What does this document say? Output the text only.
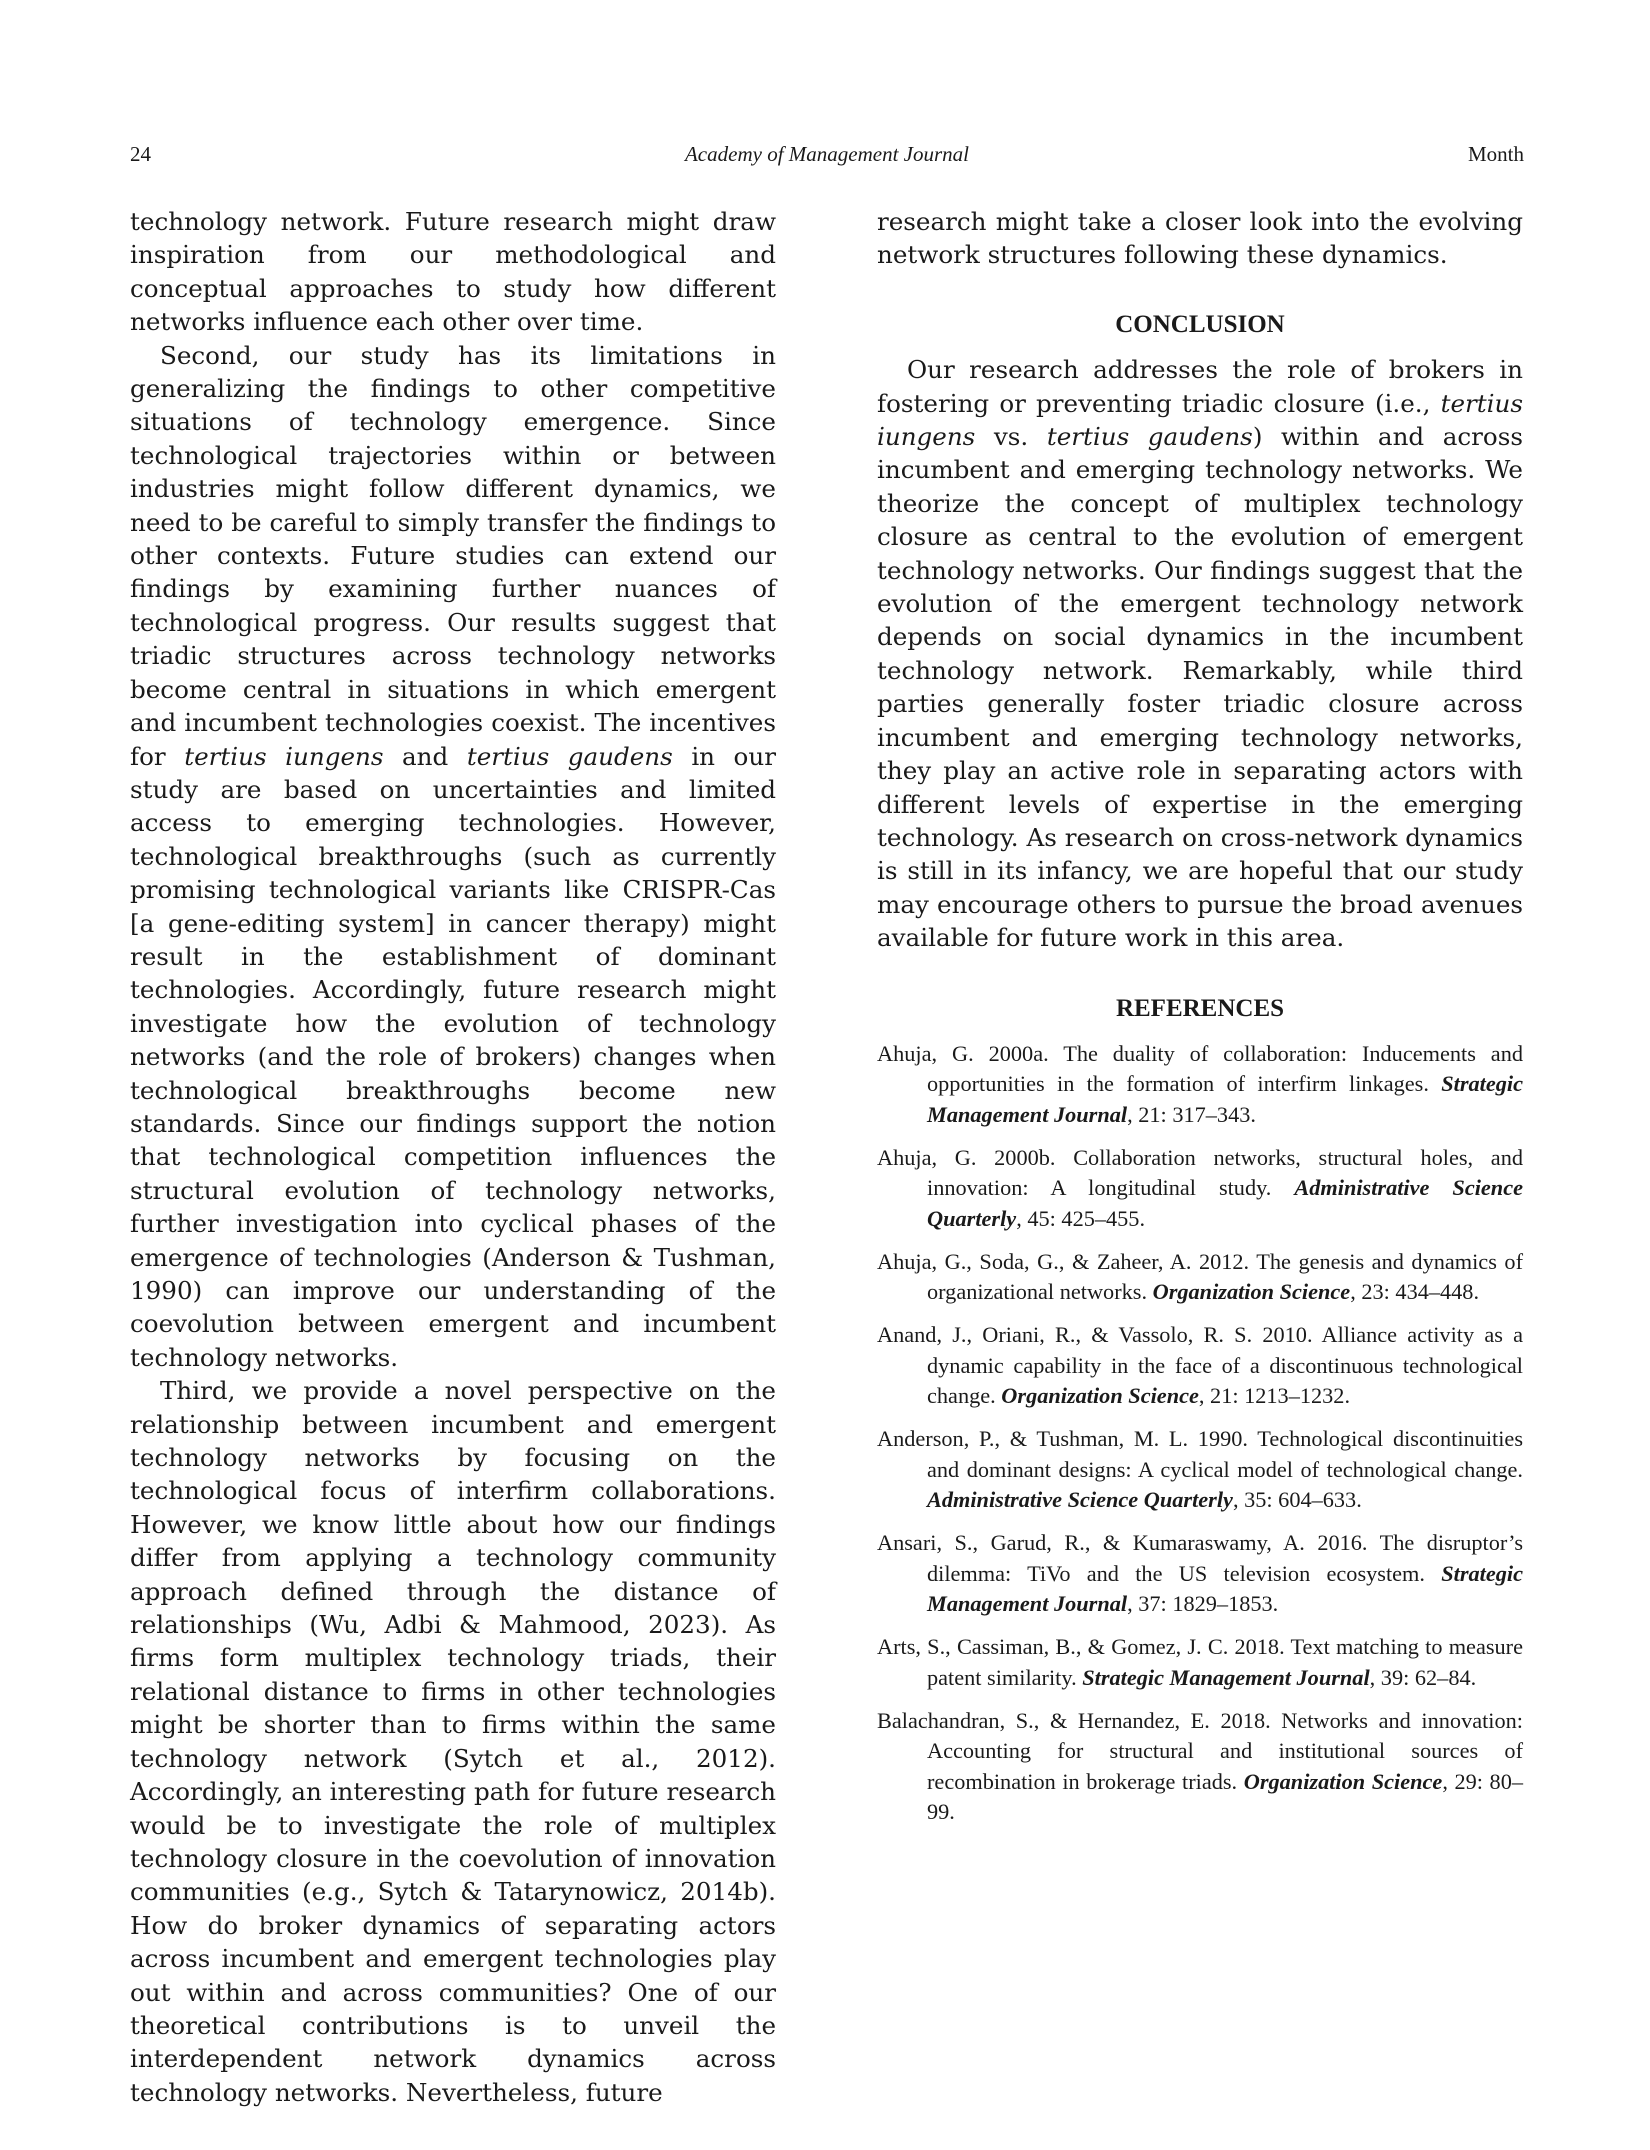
24	Academy of Management Journal	Month

technology network. Future research might draw inspiration from our methodological and conceptual approaches to study how different networks influence each other over time.

Second, our study has its limitations in generalizing the findings to other competitive situations of technology emergence. Since technological trajectories within or between industries might follow different dynamics, we need to be careful to simply transfer the findings to other contexts. Future studies can extend our findings by examining further nuances of technological progress. Our results suggest that triadic structures across technology networks become central in situations in which emergent and incumbent technologies coexist. The incentives for tertius iungens and tertius gaudens in our study are based on uncertainties and limited access to emerging technologies. However, technological breakthroughs (such as currently promising technological variants like CRISPR-Cas [a gene-editing system] in cancer therapy) might result in the establishment of dominant technologies. Accordingly, future research might investigate how the evolution of technology networks (and the role of brokers) changes when technological breakthroughs become new standards. Since our findings support the notion that technological competition influences the structural evolution of technology networks, further investigation into cyclical phases of the emergence of technologies (Anderson & Tushman, 1990) can improve our understanding of the coevolution between emergent and incumbent technology networks.

Third, we provide a novel perspective on the relationship between incumbent and emergent technology networks by focusing on the technological focus of interfirm collaborations. However, we know little about how our findings differ from applying a technology community approach defined through the distance of relationships (Wu, Adbi & Mahmood, 2023). As firms form multiplex technology triads, their relational distance to firms in other technologies might be shorter than to firms within the same technology network (Sytch et al., 2012). Accordingly, an interesting path for future research would be to investigate the role of multiplex technology closure in the coevolution of innovation communities (e.g., Sytch & Tatarynowicz, 2014b). How do broker dynamics of separating actors across incumbent and emergent technologies play out within and across communities? One of our theoretical contributions is to unveil the interdependent network dynamics across technology networks. Nevertheless, future

research might take a closer look into the evolving network structures following these dynamics.

CONCLUSION

Our research addresses the role of brokers in fostering or preventing triadic closure (i.e., tertius iungens vs. tertius gaudens) within and across incumbent and emerging technology networks. We theorize the concept of multiplex technology closure as central to the evolution of emergent technology networks. Our findings suggest that the evolution of the emergent technology network depends on social dynamics in the incumbent technology network. Remarkably, while third parties generally foster triadic closure across incumbent and emerging technology networks, they play an active role in separating actors with different levels of expertise in the emerging technology. As research on cross-network dynamics is still in its infancy, we are hopeful that our study may encourage others to pursue the broad avenues available for future work in this area.

REFERENCES
Ahuja, G. 2000a. The duality of collaboration: Inducements and opportunities in the formation of interfirm linkages. Strategic Management Journal, 21: 317–343.
Ahuja, G. 2000b. Collaboration networks, structural holes, and innovation: A longitudinal study. Administrative Science Quarterly, 45: 425–455.
Ahuja, G., Soda, G., & Zaheer, A. 2012. The genesis and dynamics of organizational networks. Organization Science, 23: 434–448.
Anand, J., Oriani, R., & Vassolo, R. S. 2010. Alliance activity as a dynamic capability in the face of a discontinuous technological change. Organization Science, 21: 1213–1232.
Anderson, P., & Tushman, M. L. 1990. Technological discontinuities and dominant designs: A cyclical model of technological change. Administrative Science Quarterly, 35: 604–633.
Ansari, S., Garud, R., & Kumaraswamy, A. 2016. The disruptor’s dilemma: TiVo and the US television ecosystem. Strategic Management Journal, 37: 1829–1853.
Arts, S., Cassiman, B., & Gomez, J. C. 2018. Text matching to measure patent similarity. Strategic Management Journal, 39: 62–84.
Balachandran, S., & Hernandez, E. 2018. Networks and innovation: Accounting for structural and institutional sources of recombination in brokerage triads. Organization Science, 29: 80–99.
